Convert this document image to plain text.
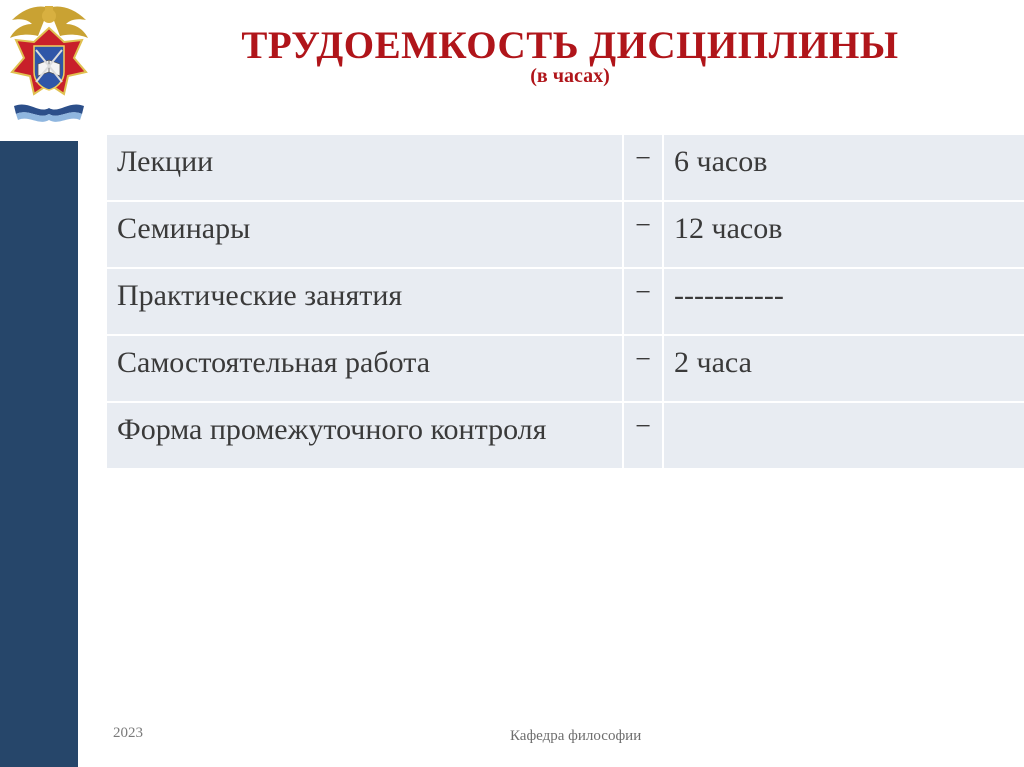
ТРУДОЕМКОСТЬ ДИСЦИПЛИНЫ
(в часах)
Лекции	−	6 часов
Семинары	−	12 часов
Практические занятия	−	-----------
Самостоятельная работа	−	2 часа
Форма промежуточного контроля	−	
2023	Кафедра философии
